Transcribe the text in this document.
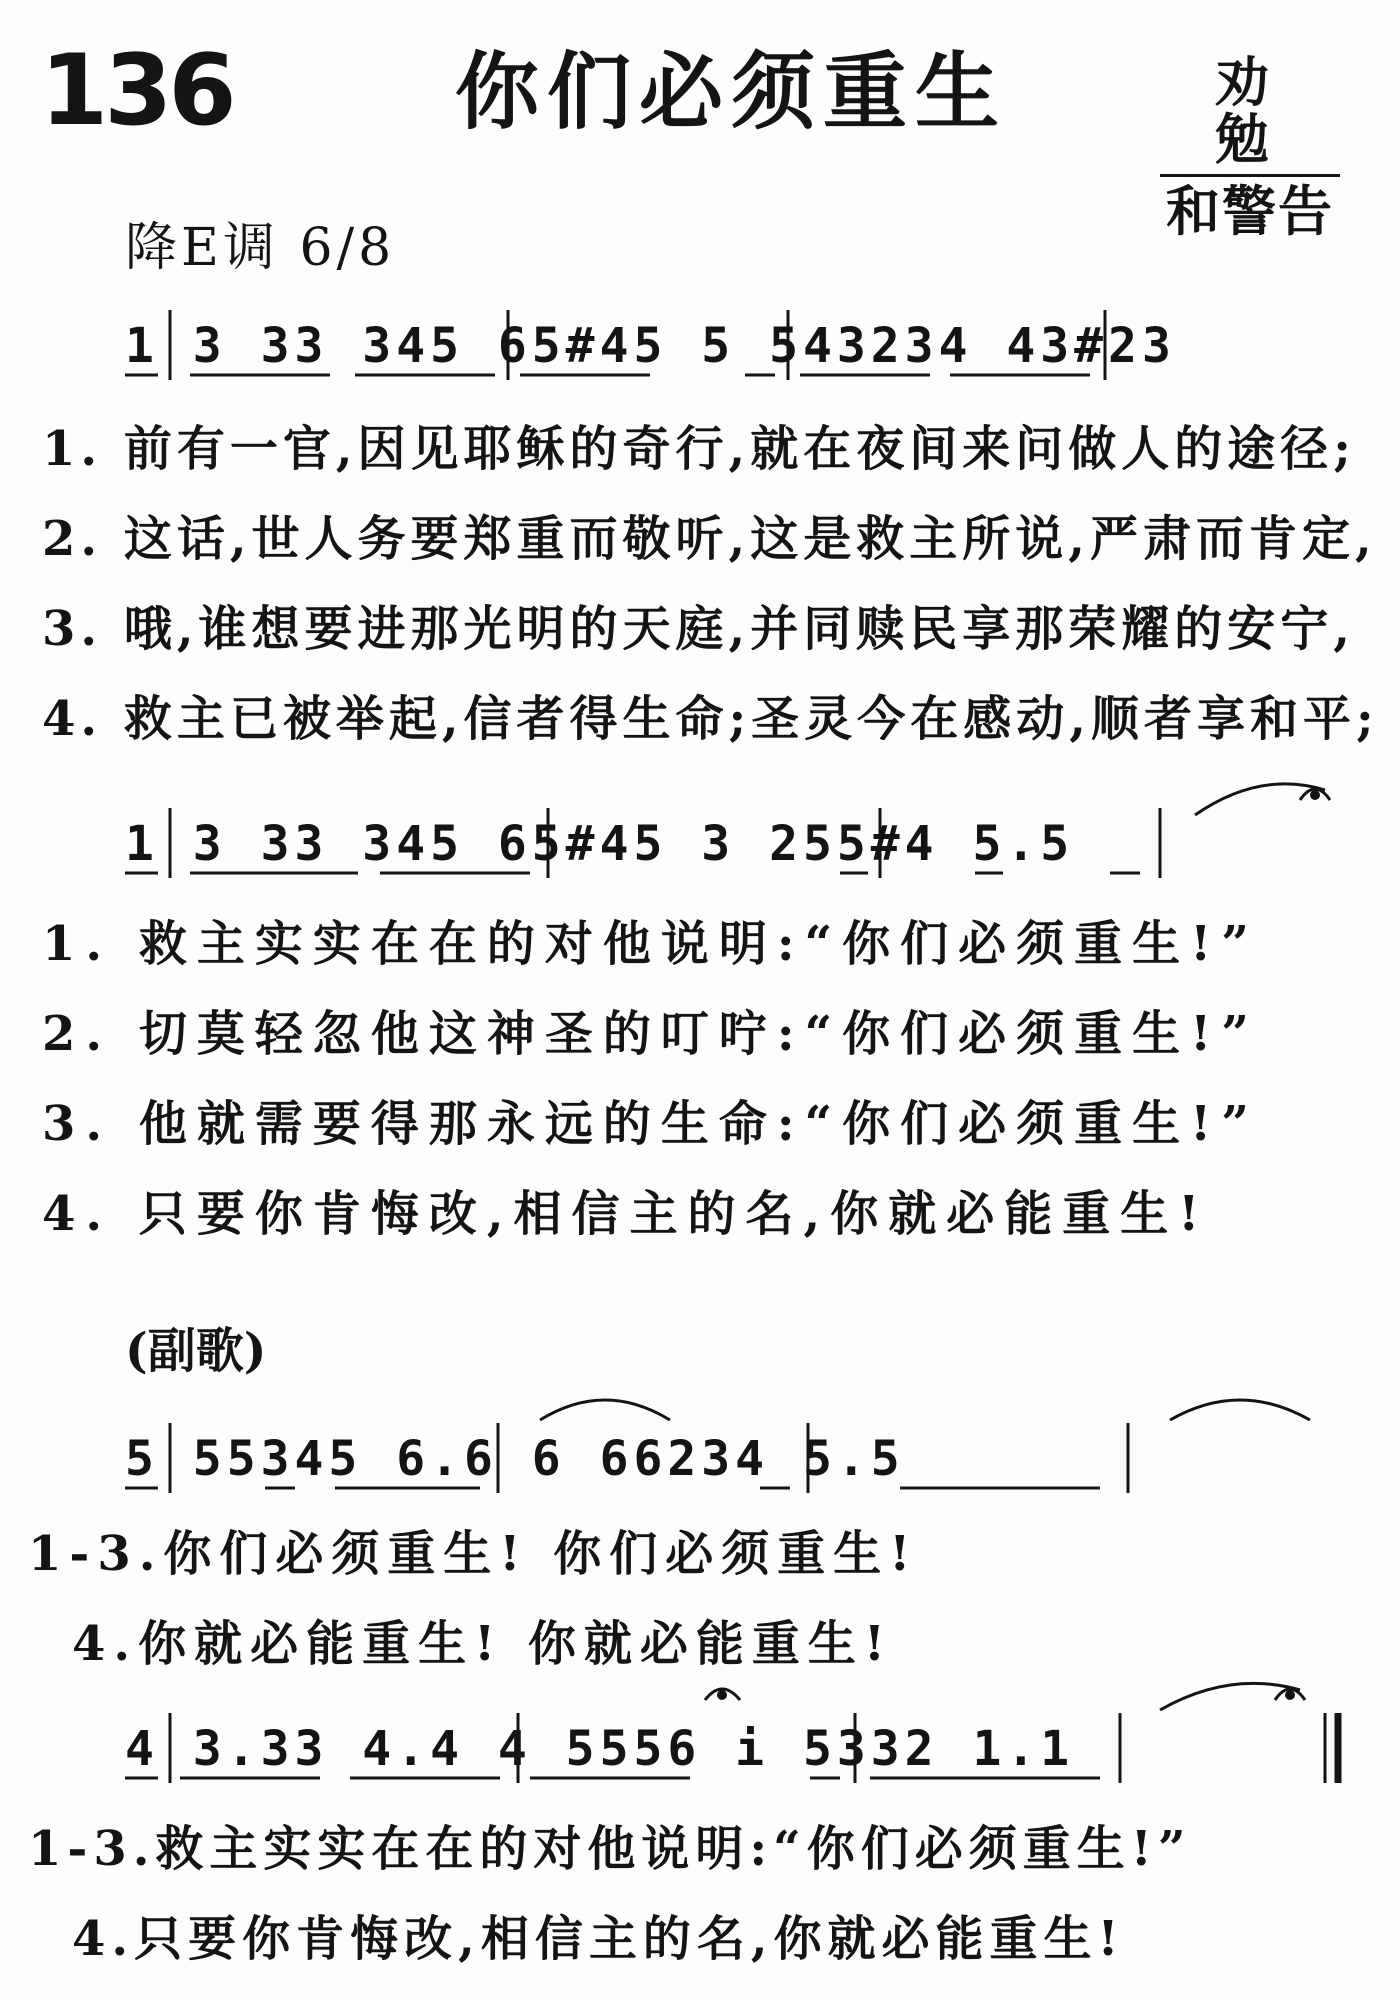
136	你们必须重生	劝勉
和警告
降E调 6/8
1 3 33 345 65#45 5 543234 43#23
1. 前有一官,因见耶稣的奇行,就在夜间来问做人的途径;
2. 这话,世人务要郑重而敬听,这是救主所说,严肃而肯定,
3. 哦,谁想要进那光明的天庭,并同赎民享那荣耀的安宁,
4. 救主已被举起,信者得生命;圣灵今在感动,顺者享和平;
1 3 33 345 65#45 3 255#4 5.5
1. 救主实实在在的对他说明:“你们必须重生!”
2. 切莫轻忽他这神圣的叮咛:“你们必须重生!”
3. 他就需要得那永远的生命:“你们必须重生!”
4. 只要你肯悔改,相信主的名,你就必能重生!
(副歌)
5 55345 6.6 6 66234 5.5
1-3.你们必须重生! 你们必须重生!
4.你就必能重生! 你就必能重生!
4 3.33 4.4 4 5556 i 5332 1.1
1-3.救主实实在在的对他说明:“你们必须重生!”
4.只要你肯悔改,相信主的名,你就必能重生!
